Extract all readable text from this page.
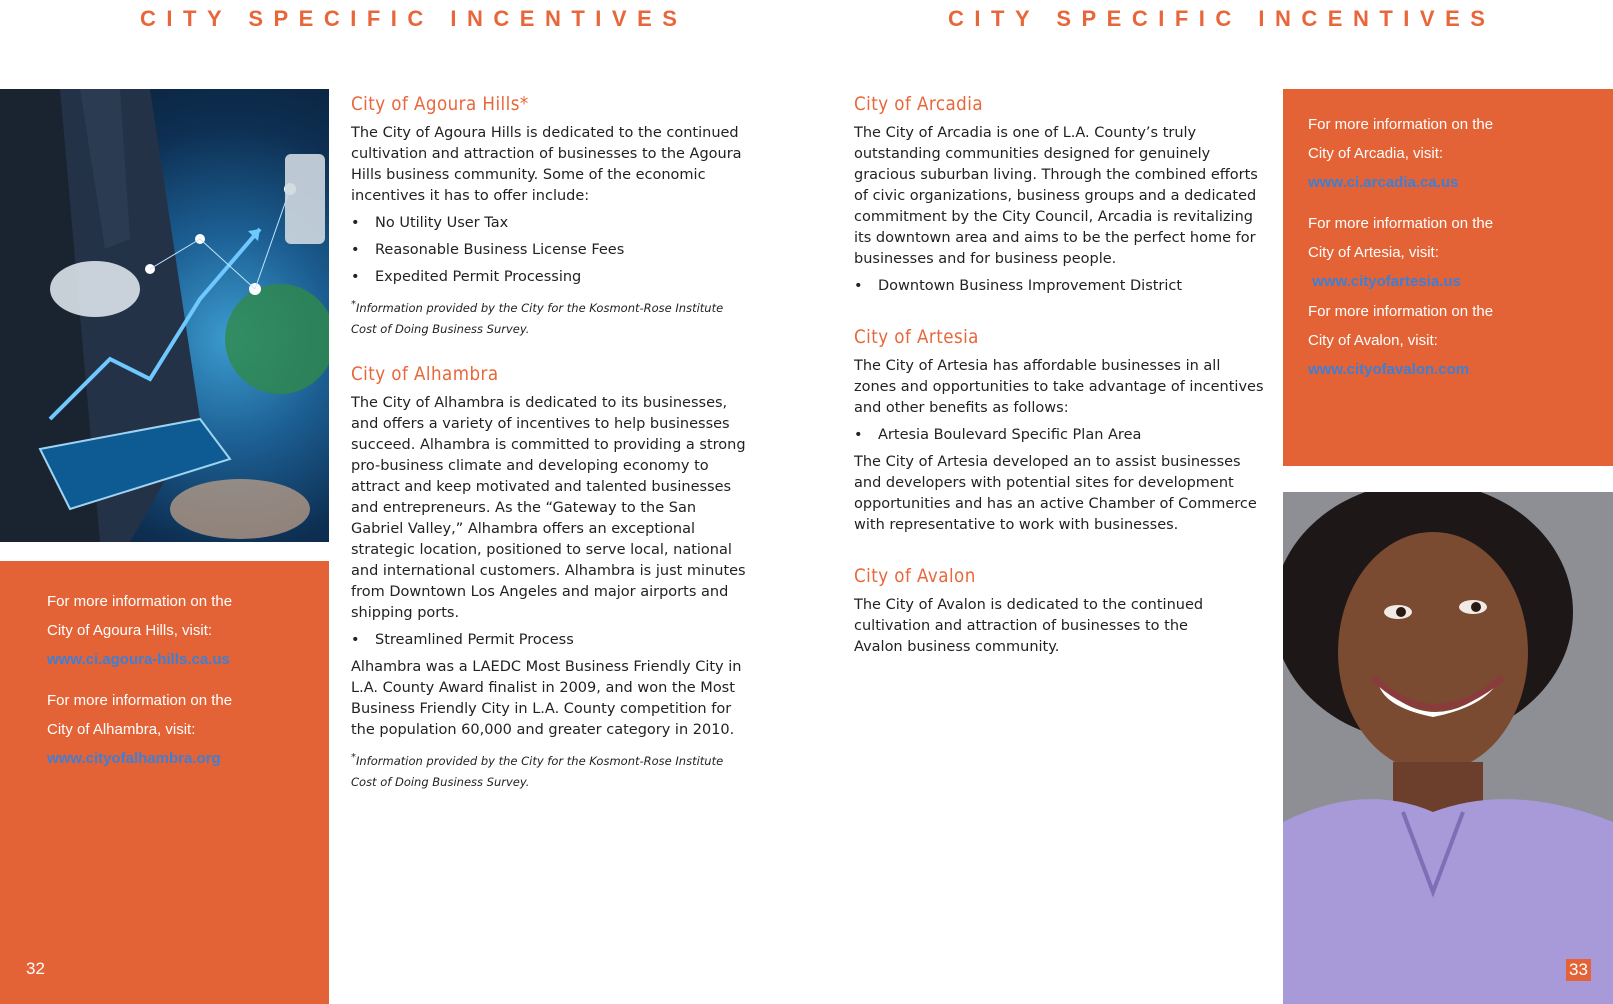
CITY SPECIFIC INCENTIVES	CITY SPECIFIC INCENTIVES
For more information on the
City of Agoura Hills, visit:
www.ci.agoura-hills.ca.us
For more information on the
City of Alhambra, visit:
www.cityofalhambra.org
32
City of Agoura Hills*
The City of Agoura Hills is dedicated to the continued cultivation and attraction of businesses to the Agoura Hills business community. Some of the economic incentives it has to offer include:
• No Utility User Tax
• Reasonable Business License Fees
• Expedited Permit Processing
*Information provided by the City for the Kosmont-Rose Institute Cost of Doing Business Survey.
City of Alhambra
The City of Alhambra is dedicated to its businesses, and offers a variety of incentives to help businesses succeed. Alhambra is committed to providing a strong pro-business climate and developing economy to attract and keep motivated and talented businesses and entrepreneurs. As the “Gateway to the San Gabriel Valley,” Alhambra offers an exceptional strategic location, positioned to serve local, national and international customers. Alhambra is just minutes from Downtown Los Angeles and major airports and shipping ports.
• Streamlined Permit Process
Alhambra was a LAEDC Most Business Friendly City in L.A. County Award finalist in 2009, and won the Most Business Friendly City in L.A. County competition for the population 60,000 and greater category in 2010.
*Information provided by the City for the Kosmont-Rose Institute Cost of Doing Business Survey.
City of Arcadia
The City of Arcadia is one of L.A. County’s truly outstanding communities designed for genuinely gracious suburban living. Through the combined efforts of civic organizations, business groups and a dedicated commitment by the City Council, Arcadia is revitalizing its downtown area and aims to be the perfect home for businesses and for business people.
• Downtown Business Improvement District
City of Artesia
The City of Artesia has affordable businesses in all zones and opportunities to take advantage of incentives and other benefits as follows:
• Artesia Boulevard Specific Plan Area
The City of Artesia developed an to assist businesses and developers with potential sites for development opportunities and has an active Chamber of Commerce with representative to work with businesses.
City of Avalon
The City of Avalon is dedicated to the continued cultivation and attraction of businesses to the Avalon business community.
For more information on the
City of Arcadia, visit:
www.ci.arcadia.ca.us
For more information on the
City of Artesia, visit:
www.cityofartesia.us
For more information on the
City of Avalon, visit:
www.cityofavalon.com
33
